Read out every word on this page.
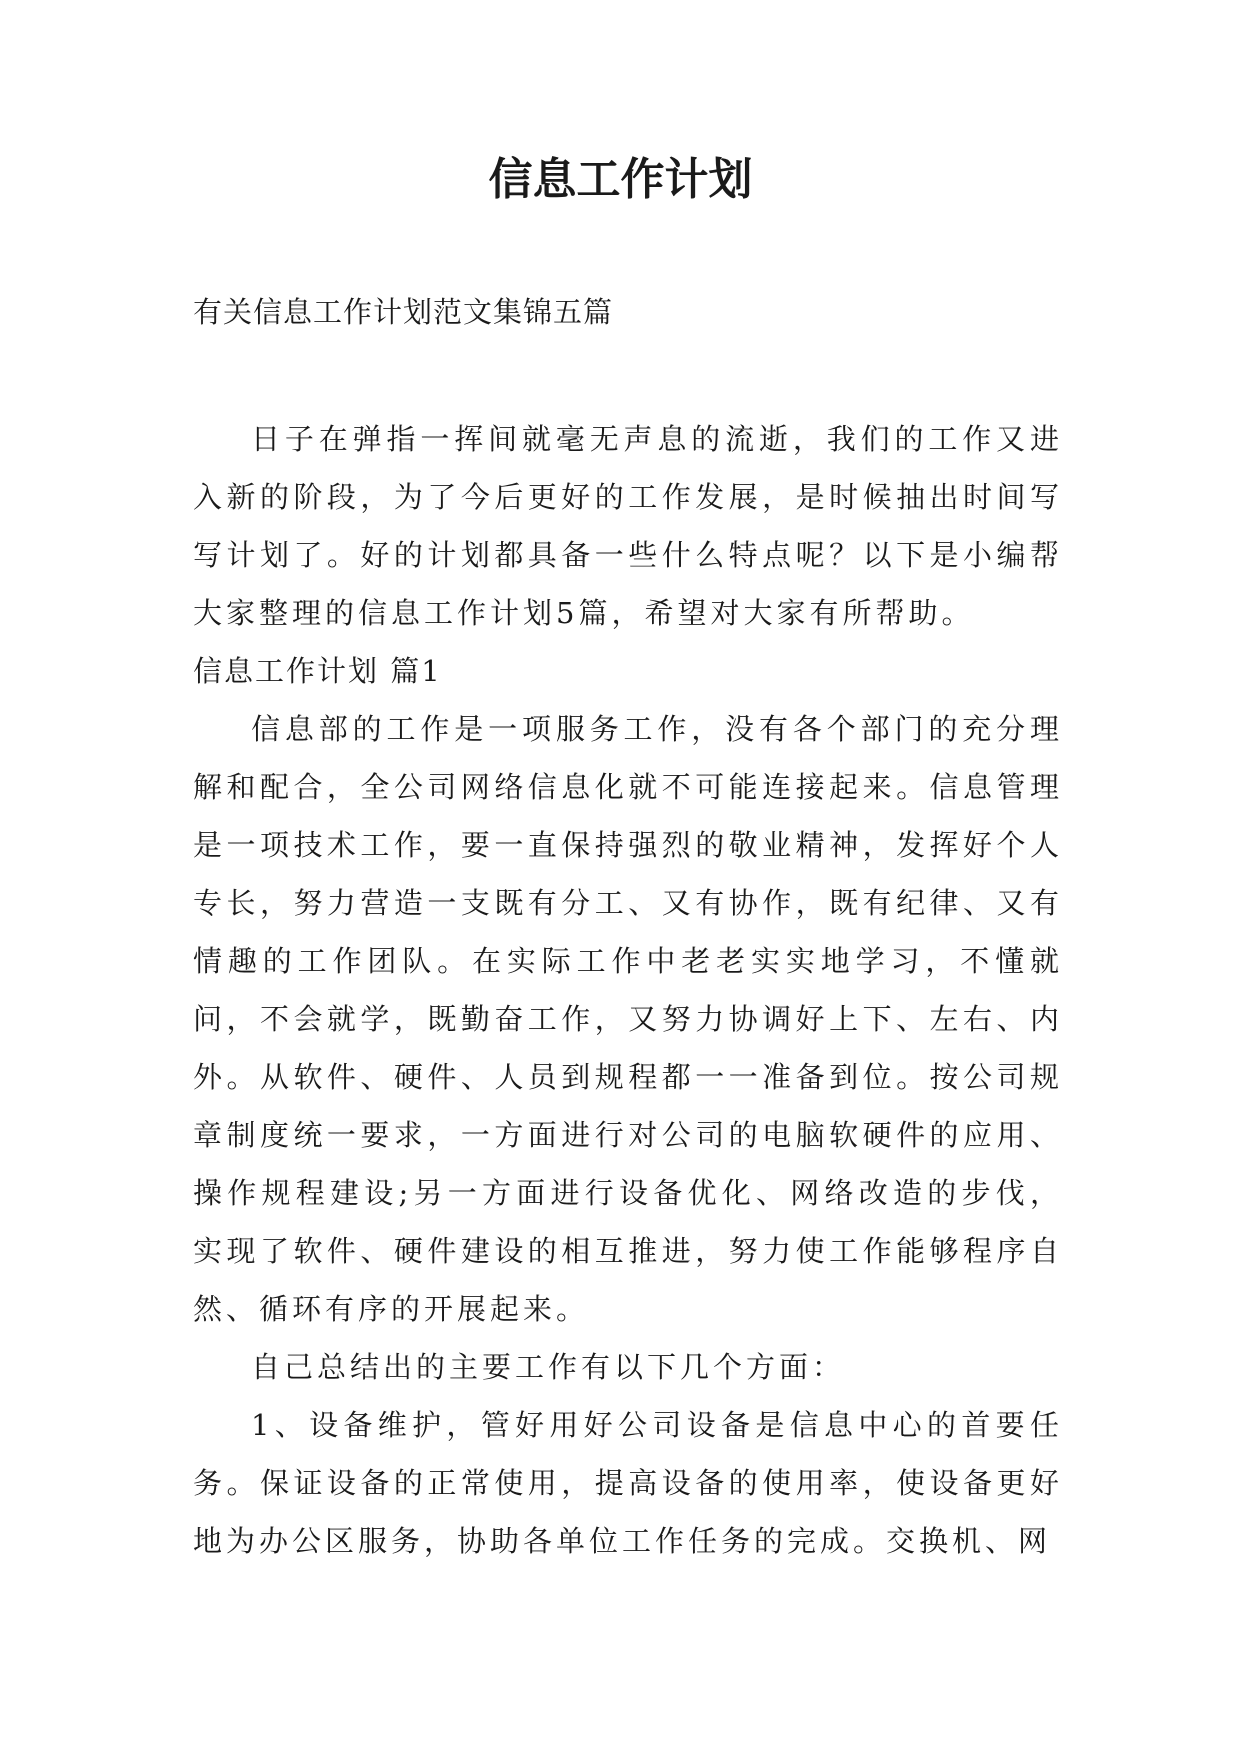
信息工作计划
有关信息工作计划范文集锦五篇

日子在弹指一挥间就毫无声息的流逝，我们的工作又进入新的阶段，为了今后更好的工作发展，是时候抽出时间写写计划了。好的计划都具备一些什么特点呢？以下是小编帮大家整理的信息工作计划5篇，希望对大家有所帮助。

信息工作计划 篇1

信息部的工作是一项服务工作，没有各个部门的充分理解和配合，全公司网络信息化就不可能连接起来。信息管理是一项技术工作，要一直保持强烈的敬业精神，发挥好个人专长，努力营造一支既有分工、又有协作，既有纪律、又有情趣的工作团队。在实际工作中老老实实地学习，不懂就问，不会就学，既勤奋工作，又努力协调好上下、左右、内外。从软件、硬件、人员到规程都一一准备到位。按公司规章制度统一要求，一方面进行对公司的电脑软硬件的应用、操作规程建设;另一方面进行设备优化、网络改造的步伐，实现了软件、硬件建设的相互推进，努力使工作能够程序自然、循环有序的开展起来。

自己总结出的主要工作有以下几个方面：

1、设备维护，管好用好公司设备是信息中心的首要任务。保证设备的正常使用，提高设备的使用率，使设备更好地为办公区服务，协助各单位工作任务的完成。交换机、网
